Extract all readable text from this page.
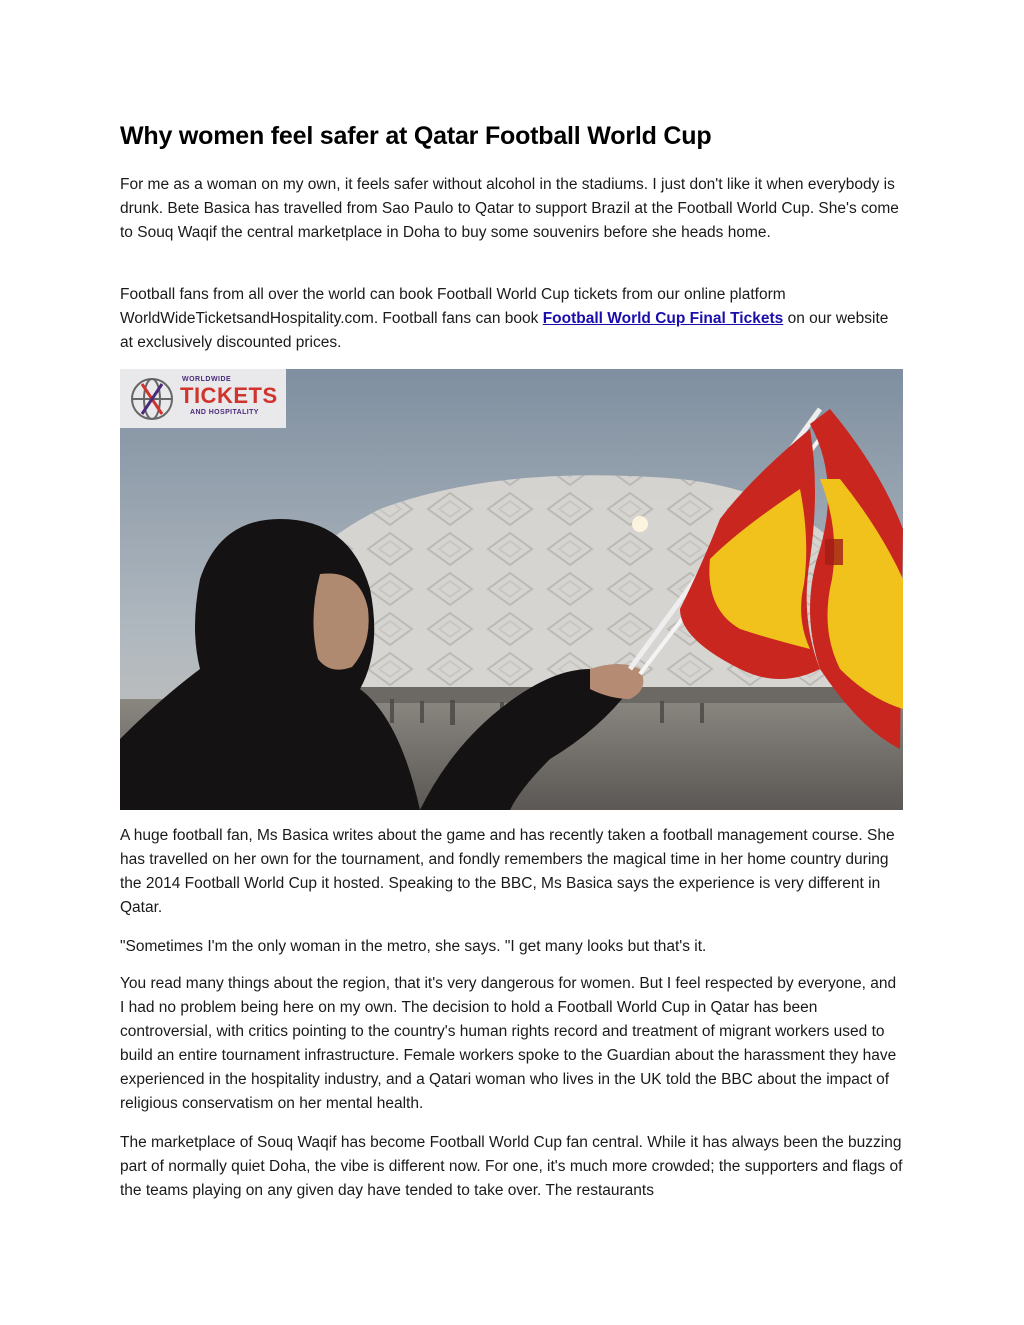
Why women feel safer at Qatar Football World Cup

For me as a woman on my own, it feels safer without alcohol in the stadiums. I just don't like it when everybody is drunk. Bete Basica has travelled from Sao Paulo to Qatar to support Brazil at the Football World Cup. She's come to Souq Waqif the central marketplace in Doha to buy some souvenirs before she heads home.

Football fans from all over the world can book Football World Cup tickets from our online platform WorldWideTicketsandHospitality.com. Football fans can book Football World Cup Final Tickets on our website at exclusively discounted prices.

WORLDWIDE
TICKETS
AND HOSPITALITY

A huge football fan, Ms Basica writes about the game and has recently taken a football management course. She has travelled on her own for the tournament, and fondly remembers the magical time in her home country during the 2014 Football World Cup it hosted. Speaking to the BBC, Ms Basica says the experience is very different in Qatar.

"Sometimes I'm the only woman in the metro, she says. "I get many looks but that's it.

You read many things about the region, that it's very dangerous for women. But I feel respected by everyone, and I had no problem being here on my own. The decision to hold a Football World Cup in Qatar has been controversial, with critics pointing to the country's human rights record and treatment of migrant workers used to build an entire tournament infrastructure. Female workers spoke to the Guardian about the harassment they have experienced in the hospitality industry, and a Qatari woman who lives in the UK told the BBC about the impact of religious conservatism on her mental health.

The marketplace of Souq Waqif has become Football World Cup fan central. While it has always been the buzzing part of normally quiet Doha, the vibe is different now. For one, it's much more crowded; the supporters and flags of the teams playing on any given day have tended to take over. The restaurants
